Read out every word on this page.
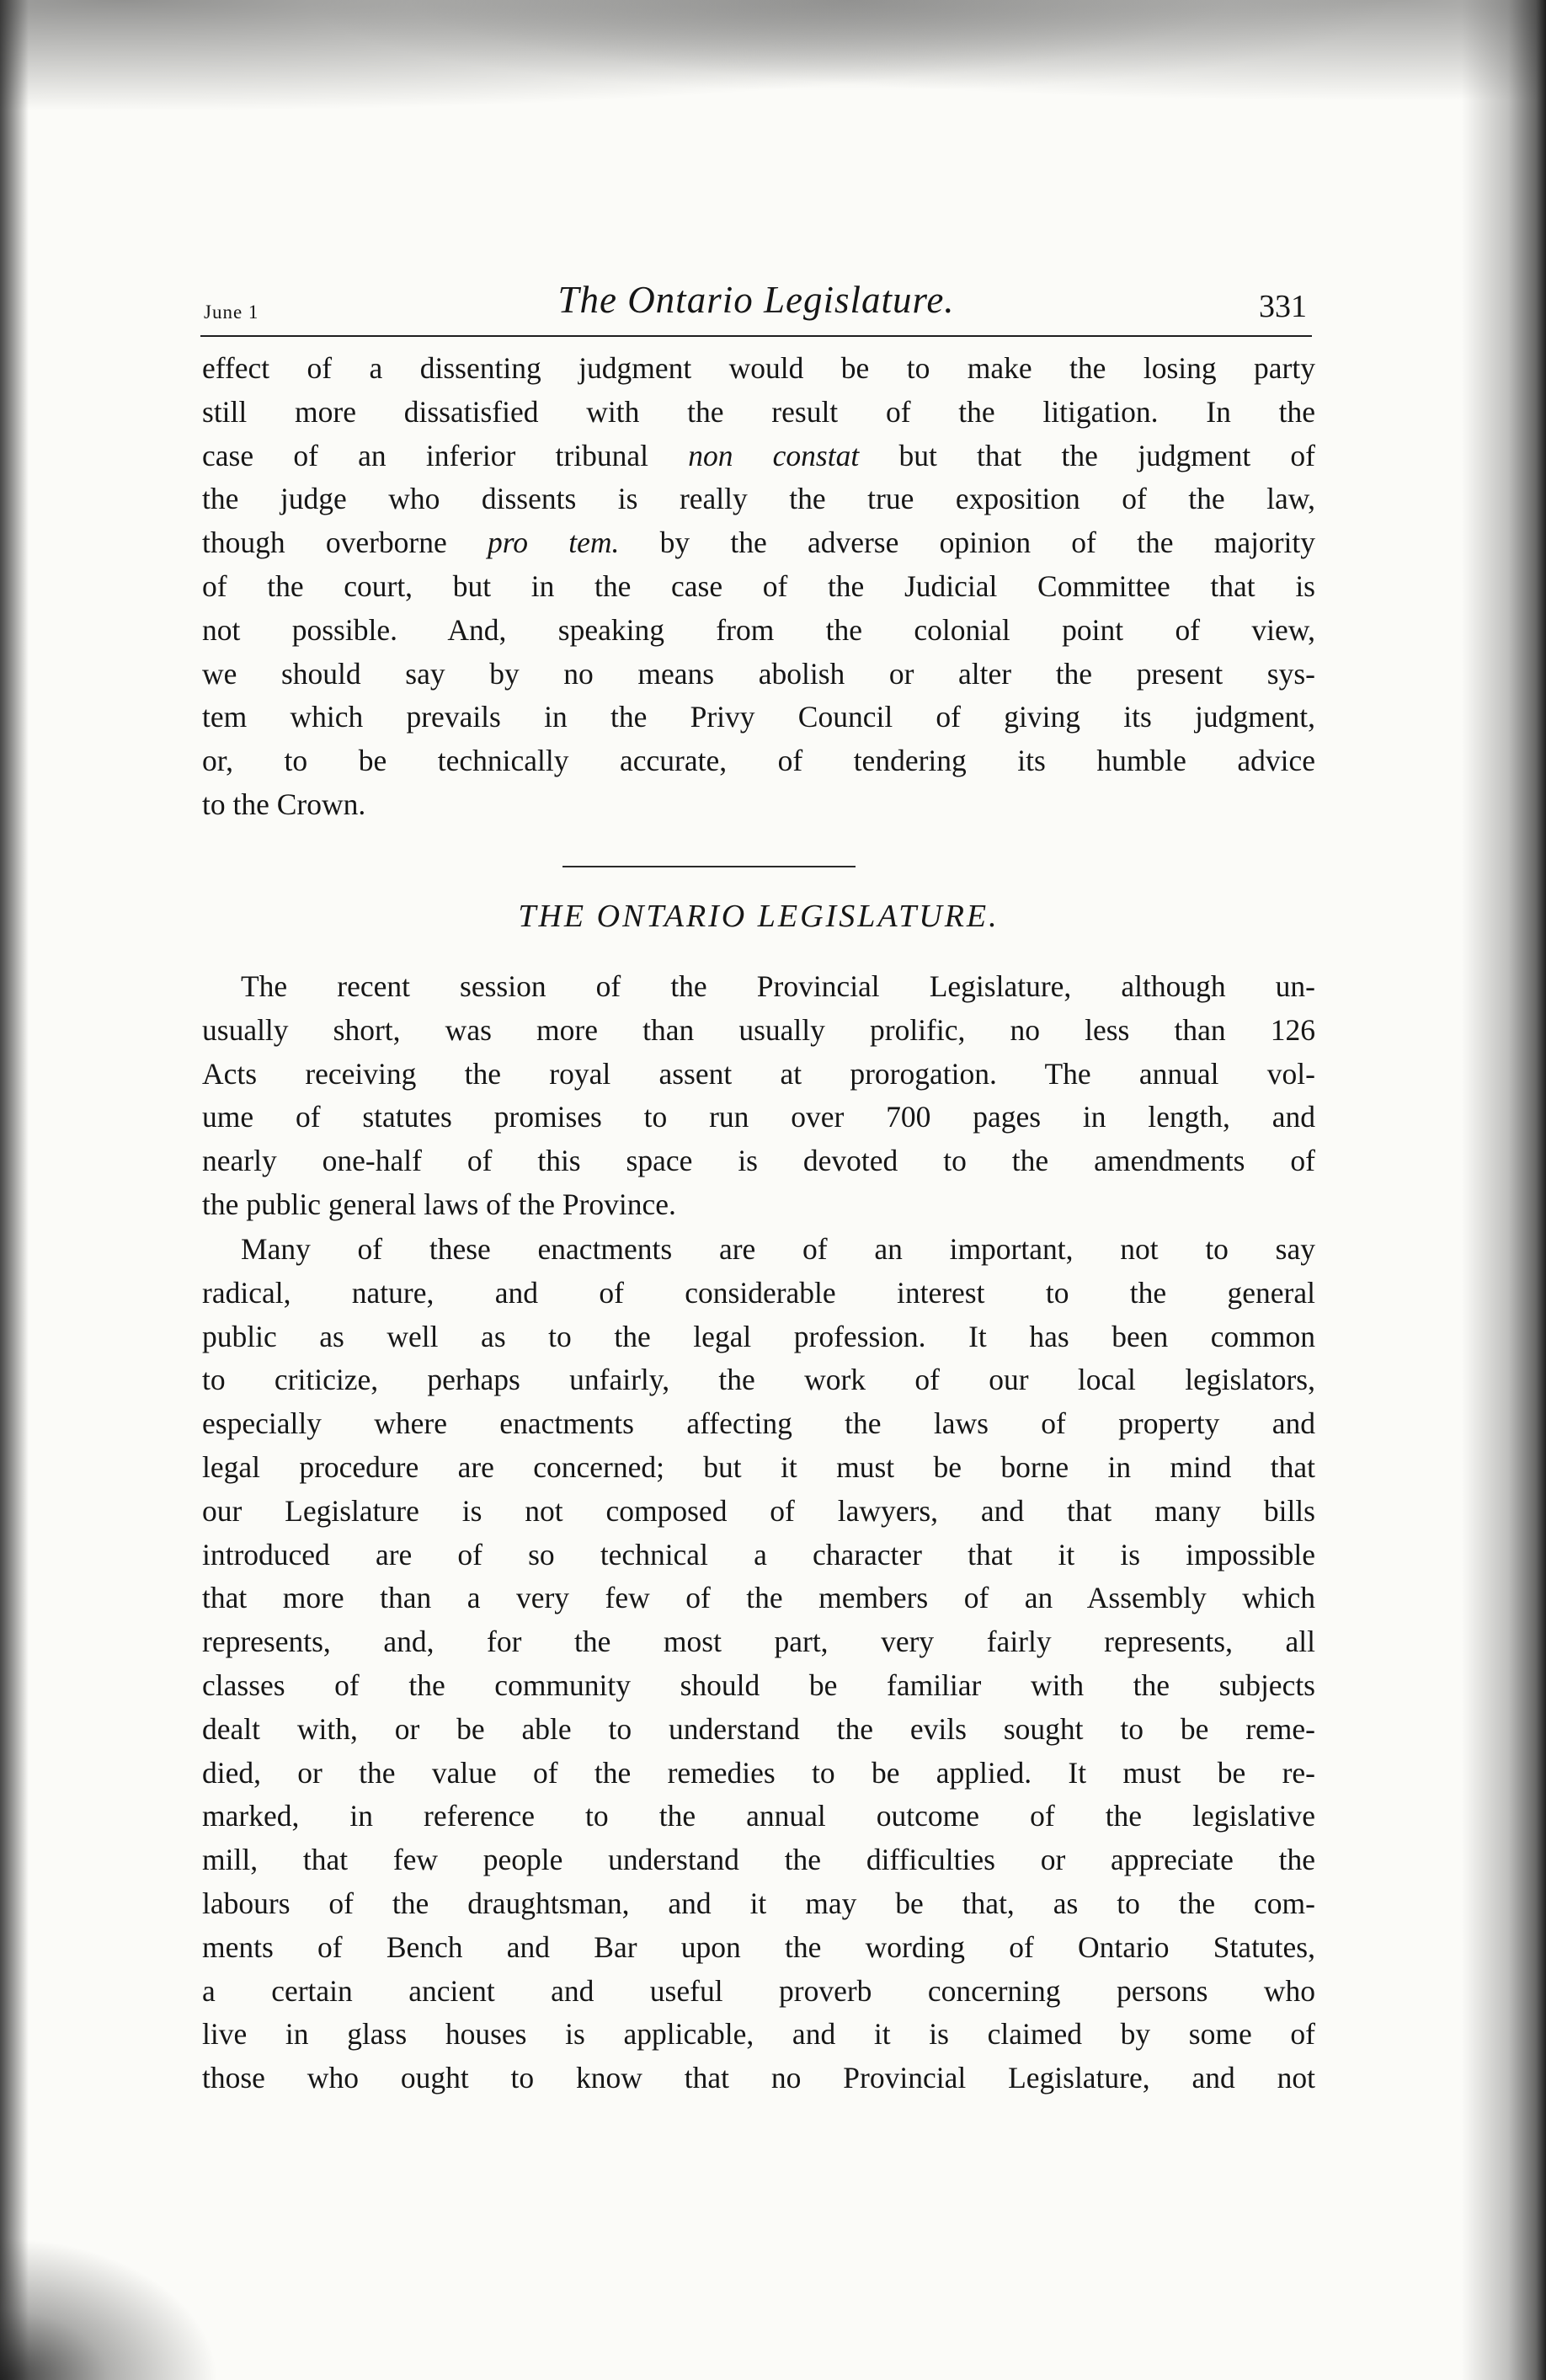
June 1	The Ontario Legislature.	331
effect of a dissenting judgment would be to make the losing party
still more dissatisfied with the result of the litigation. In the
case of an inferior tribunal non constat but that the judgment of
the judge who dissents is really the true exposition of the law,
though overborne pro tem. by the adverse opinion of the majority
of the court, but in the case of the Judicial Committee that is
not possible. And, speaking from the colonial point of view,
we should say by no means abolish or alter the present sys-
tem which prevails in the Privy Council of giving its judgment,
or, to be technically accurate, of tendering its humble advice
to the Crown.
THE ONTARIO LEGISLATURE.
The recent session of the Provincial Legislature, although un-
usually short, was more than usually prolific, no less than 126
Acts receiving the royal assent at prorogation. The annual vol-
ume of statutes promises to run over 700 pages in length, and
nearly one-half of this space is devoted to the amendments of
the public general laws of the Province.
Many of these enactments are of an important, not to say
radical, nature, and of considerable interest to the general
public as well as to the legal profession. It has been common
to criticize, perhaps unfairly, the work of our local legislators,
especially where enactments affecting the laws of property and
legal procedure are concerned; but it must be borne in mind that
our Legislature is not composed of lawyers, and that many bills
introduced are of so technical a character that it is impossible
that more than a very few of the members of an Assembly which
represents, and, for the most part, very fairly represents, all
classes of the community should be familiar with the subjects
dealt with, or be able to understand the evils sought to be reme-
died, or the value of the remedies to be applied. It must be re-
marked, in reference to the annual outcome of the legislative
mill, that few people understand the difficulties or appreciate the
labours of the draughtsman, and it may be that, as to the com-
ments of Bench and Bar upon the wording of Ontario Statutes,
a certain ancient and useful proverb concerning persons who
live in glass houses is applicable, and it is claimed by some of
those who ought to know that no Provincial Legislature, and not
